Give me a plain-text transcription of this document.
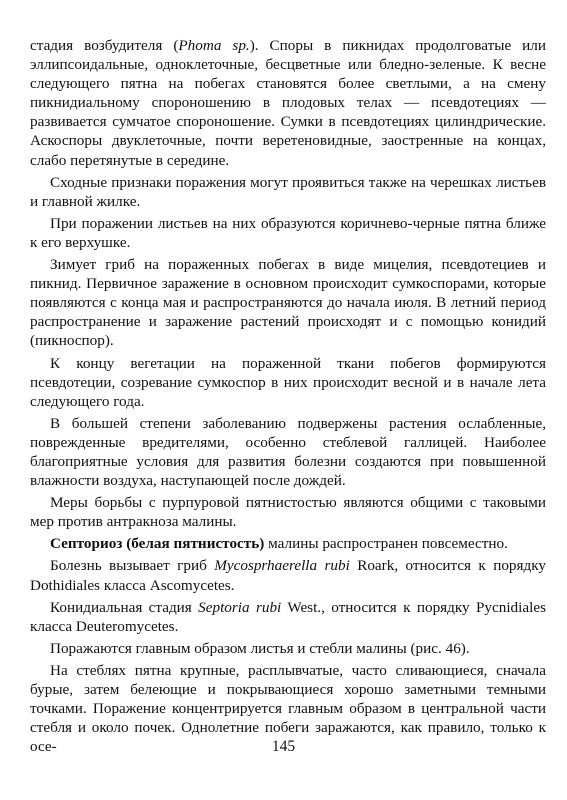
стадия возбудителя (Phoma sp.). Споры в пикнидах продолговатые или эллипсоидальные, одноклеточные, бесцветные или бледно-зеленые. К весне следующего пятна на побегах становятся более светлыми, а на смену пикнидиальному спороношению в плодовых телах — псевдотециях — развивается сумчатое спороношение. Сумки в псевдотециях цилиндрические. Аскоспоры двуклеточные, почти веретеновидные, заостренные на концах, слабо перетянутые в середине.

Сходные признаки поражения могут проявиться также на черешках листьев и главной жилке.

При поражении листьев на них образуются коричнево-черные пятна ближе к его верхушке.

Зимует гриб на пораженных побегах в виде мицелия, псевдотециев и пикнид. Первичное заражение в основном происходит сумкоспорами, которые появляются с конца мая и распространяются до начала июля. В летний период распространение и заражение растений происходят и с помощью конидий (пикноспор).

К концу вегетации на пораженной ткани побегов формируются псевдотеции, созревание сумкоспор в них происходит весной и в начале лета следующего года.

В большей степени заболеванию подвержены растения ослабленные, поврежденные вредителями, особенно стеблевой галлицей. Наиболее благоприятные условия для развития болезни создаются при повышенной влажности воздуха, наступающей после дождей.

Меры борьбы с пурпуровой пятнистостью являются общими с таковыми мер против антракноза малины.

Септориоз (белая пятнистость) малины распространен повсеместно.

Болезнь вызывает гриб Mycosprhaerella rubi Roark, относится к порядку Dothidiales класса Ascomycetes.

Конидиальная стадия Septoria rubi West., относится к порядку Pycnidiales класса Deuteromycetes.

Поражаются главным образом листья и стебли малины (рис. 46).

На стеблях пятна крупные, расплывчатые, часто сливающиеся, сначала бурые, затем белеющие и покрывающиеся хорошо заметными темными точками. Поражение концентрируется главным образом в центральной части стебля и около почек. Однолетние побеги заражаются, как правило, только к осе-	145
